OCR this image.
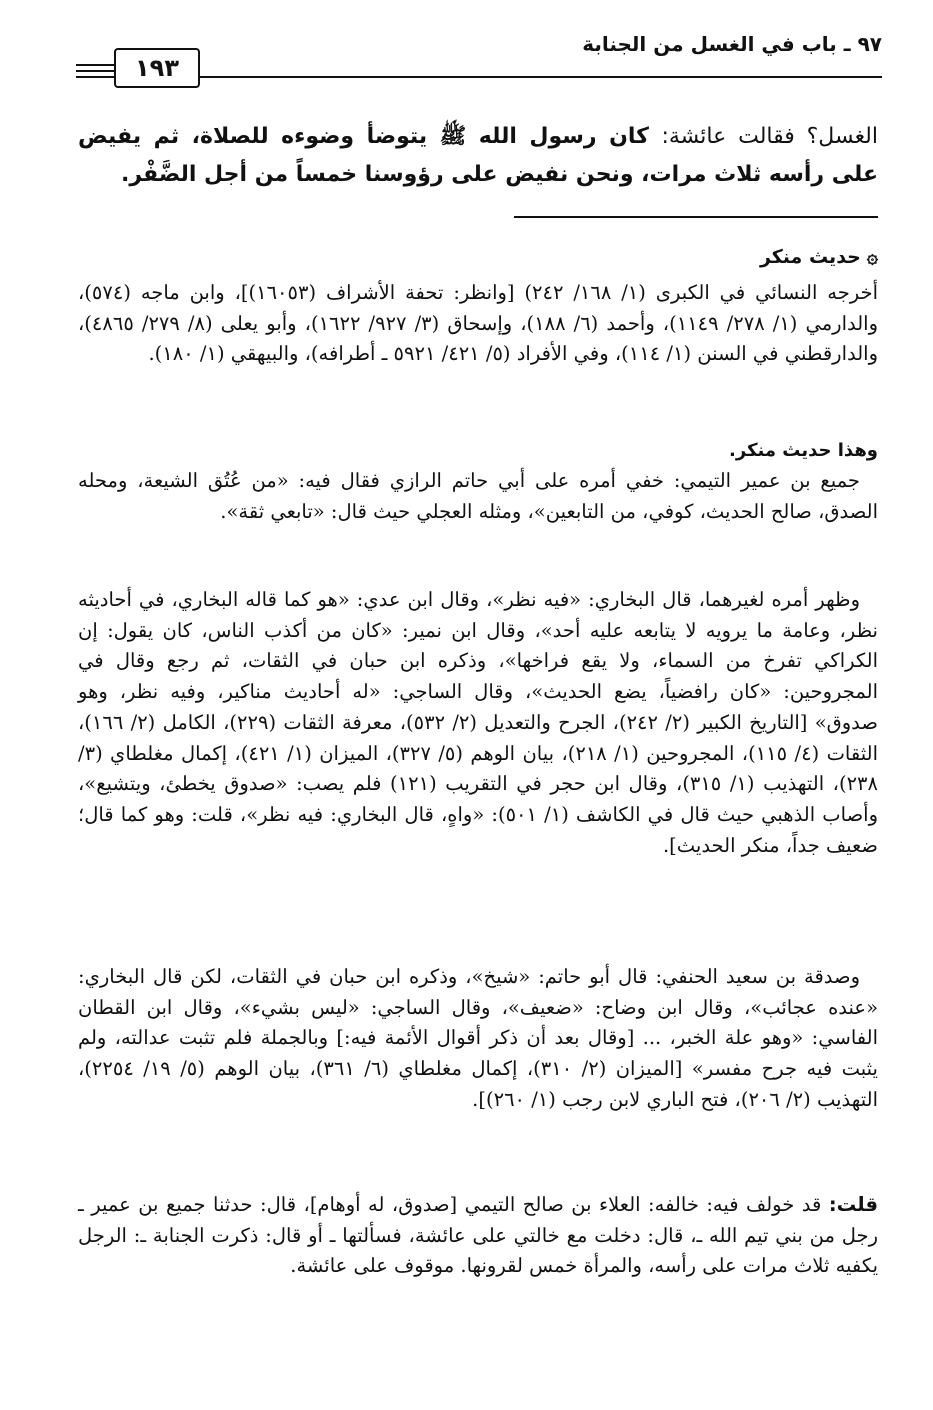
٩٧ ـ باب في الغسل من الجنابة
١٩٣
الغسل؟ فقالت عائشة: كان رسول الله ﷺ يتوضأ وضوءه للصلاة، ثم يفيض على رأسه ثلاث مرات، ونحن نفيض على رؤوسنا خمساً من أجل الضَّفْر.
۞حديث منكر
أخرجه النسائي في الكبرى (١/ ١٦٨/ ٢٤٢) [وانظر: تحفة الأشراف (١٦٠٥٣)]، وابن ماجه (٥٧٤)، والدارمي (١/ ٢٧٨/ ١١٤٩)، وأحمد (٦/ ١٨٨)، وإسحاق (٣/ ٩٢٧/ ١٦٢٢)، وأبو يعلى (٨/ ٢٧٩/ ٤٨٦٥)، والدارقطني في السنن (١/ ١١٤)، وفي الأفراد (٥/ ٤٢١/ ٥٩٢١ ـ أطرافه)، والبيهقي (١/ ١٨٠).
وهذا حديث منكر.
جميع بن عمير التيمي: خفي أمره على أبي حاتم الرازي فقال فيه: «من عُتُق الشيعة، ومحله الصدق، صالح الحديث، كوفي، من التابعين»، ومثله العجلي حيث قال: «تابعي ثقة».
وظهر أمره لغيرهما، قال البخاري: «فيه نظر»، وقال ابن عدي: «هو كما قاله البخاري، في أحاديثه نظر، وعامة ما يرويه لا يتابعه عليه أحد»، وقال ابن نمير: «كان من أكذب الناس، كان يقول: إن الكراكي تفرخ من السماء، ولا يقع فراخها»، وذكره ابن حبان في الثقات، ثم رجع وقال في المجروحين: «كان رافضياً، يضع الحديث»، وقال الساجي: «له أحاديث مناكير، وفيه نظر، وهو صدوق» [التاريخ الكبير (٢/ ٢٤٢)، الجرح والتعديل (٢/ ٥٣٢)، معرفة الثقات (٢٢٩)، الكامل (٢/ ١٦٦)، الثقات (٤/ ١١٥)، المجروحين (١/ ٢١٨)، بيان الوهم (٥/ ٣٢٧)، الميزان (١/ ٤٢١)، إكمال مغلطاي (٣/ ٢٣٨)، التهذيب (١/ ٣١٥)، وقال ابن حجر في التقريب (١٢١) فلم يصب: «صدوق يخطئ، ويتشيع»، وأصاب الذهبي حيث قال في الكاشف (١/ ٥٠١): «واهٍ، قال البخاري: فيه نظر»، قلت: وهو كما قال؛ ضعيف جداً، منكر الحديث].
وصدقة بن سعيد الحنفي: قال أبو حاتم: «شيخ»، وذكره ابن حبان في الثقات، لكن قال البخاري: «عنده عجائب»، وقال ابن وضاح: «ضعيف»، وقال الساجي: «ليس بشيء»، وقال ابن القطان الفاسي: «وهو علة الخبر، ... [وقال بعد أن ذكر أقوال الأئمة فيه:] وبالجملة فلم تثبت عدالته، ولم يثبت فيه جرح مفسر» [الميزان (٢/ ٣١٠)، إكمال مغلطاي (٦/ ٣٦١)، بيان الوهم (٥/ ١٩/ ٢٢٥٤)، التهذيب (٢/ ٢٠٦)، فتح الباري لابن رجب (١/ ٢٦٠)].
قلت: قد خولف فيه: خالفه: العلاء بن صالح التيمي [صدوق، له أوهام]، قال: حدثنا جميع بن عمير ـ رجل من بني تيم الله ـ، قال: دخلت مع خالتي على عائشة، فسألتها ـ أو قال: ذكرت الجنابة ـ: الرجل يكفيه ثلاث مرات على رأسه، والمرأة خمس لقرونها. موقوف على عائشة.
